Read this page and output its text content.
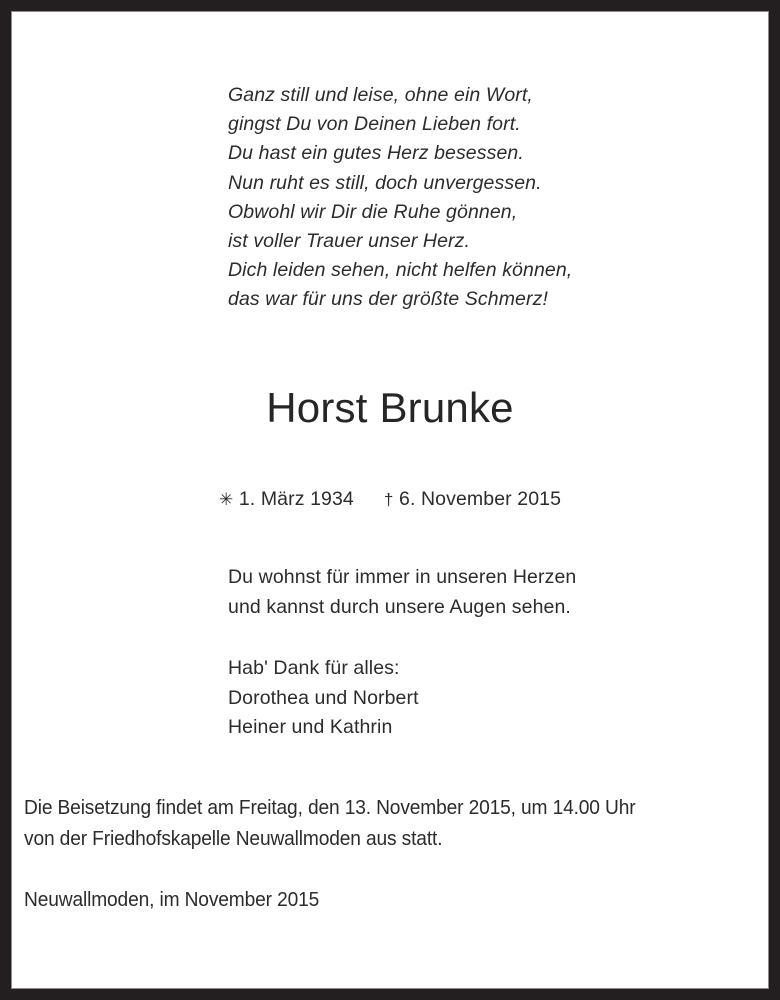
Ganz still und leise, ohne ein Wort,
gingst Du von Deinen Lieben fort.
Du hast ein gutes Herz besessen.
Nun ruht es still, doch unvergessen.
Obwohl wir Dir die Ruhe gönnen,
ist voller Trauer unser Herz.
Dich leiden sehen, nicht helfen können,
das war für uns der größte Schmerz!
Horst Brunke
✳ 1. März 1934 † 6. November 2015
Du wohnst für immer in unseren Herzen
und kannst durch unsere Augen sehen.
Hab' Dank für alles:
Dorothea und Norbert
Heiner und Kathrin
Die Beisetzung findet am Freitag, den 13. November 2015, um 14.00 Uhr
von der Friedhofskapelle Neuwallmoden aus statt.
Neuwallmoden, im November 2015
